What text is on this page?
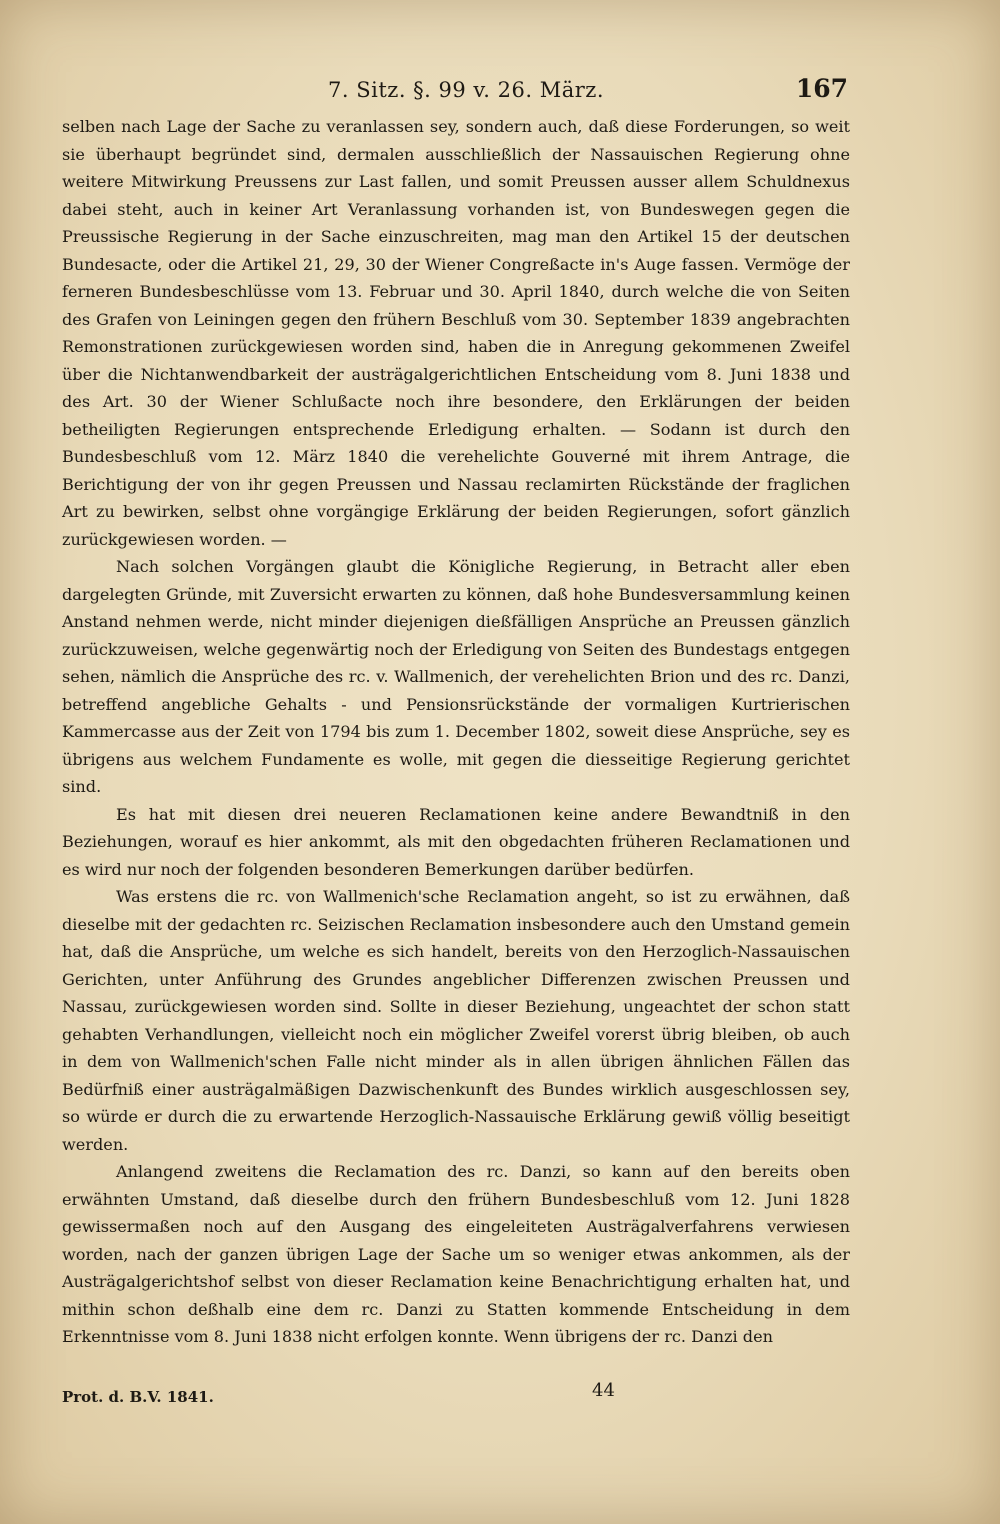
7. Sitz. §. 99 v. 26. März.	167

selben nach Lage der Sache zu veranlassen sey, sondern auch, daß diese Forderungen, so weit sie überhaupt begründet sind, dermalen ausschließlich der Nassauischen Regierung ohne weitere Mitwirkung Preussens zur Last fallen, und somit Preussen ausser allem Schuldnexus dabei steht, auch in keiner Art Veranlassung vorhanden ist, von Bundeswegen gegen die Preussische Regierung in der Sache einzuschreiten, mag man den Artikel 15 der deutschen Bundesacte, oder die Artikel 21, 29, 30 der Wiener Congreßacte in's Auge fassen. Vermöge der ferneren Bundesbeschlüsse vom 13. Februar und 30. April 1840, durch welche die von Seiten des Grafen von Leiningen gegen den frühern Beschluß vom 30. September 1839 angebrachten Remonstrationen zurückgewiesen worden sind, haben die in Anregung gekommenen Zweifel über die Nichtanwendbarkeit der austrägalgerichtlichen Entscheidung vom 8. Juni 1838 und des Art. 30 der Wiener Schlußacte noch ihre besondere, den Erklärungen der beiden betheiligten Regierungen entsprechende Erledigung erhalten. — Sodann ist durch den Bundesbeschluß vom 12. März 1840 die verehelichte Gouverné mit ihrem Antrage, die Berichtigung der von ihr gegen Preussen und Nassau reclamirten Rückstände der fraglichen Art zu bewirken, selbst ohne vorgängige Erklärung der beiden Regierungen, sofort gänzlich zurückgewiesen worden. —

Nach solchen Vorgängen glaubt die Königliche Regierung, in Betracht aller eben dargelegten Gründe, mit Zuversicht erwarten zu können, daß hohe Bundesversammlung keinen Anstand nehmen werde, nicht minder diejenigen dießfälligen Ansprüche an Preussen gänzlich zurückzuweisen, welche gegenwärtig noch der Erledigung von Seiten des Bundestags entgegen sehen, nämlich die Ansprüche des rc. v. Wallmenich, der verehelichten Brion und des rc. Danzi, betreffend angebliche Gehalts - und Pensionsrückstände der vormaligen Kurtrierischen Kammercasse aus der Zeit von 1794 bis zum 1. December 1802, soweit diese Ansprüche, sey es übrigens aus welchem Fundamente es wolle, mit gegen die diesseitige Regierung gerichtet sind.

Es hat mit diesen drei neueren Reclamationen keine andere Bewandtniß in den Beziehungen, worauf es hier ankommt, als mit den obgedachten früheren Reclamationen und es wird nur noch der folgenden besonderen Bemerkungen darüber bedürfen.

Was erstens die rc. von Wallmenich'sche Reclamation angeht, so ist zu erwähnen, daß dieselbe mit der gedachten rc. Seizischen Reclamation insbesondere auch den Umstand gemein hat, daß die Ansprüche, um welche es sich handelt, bereits von den Herzoglich-Nassauischen Gerichten, unter Anführung des Grundes angeblicher Differenzen zwischen Preussen und Nassau, zurückgewiesen worden sind. Sollte in dieser Beziehung, ungeachtet der schon statt gehabten Verhandlungen, vielleicht noch ein möglicher Zweifel vorerst übrig bleiben, ob auch in dem von Wallmenich'schen Falle nicht minder als in allen übrigen ähnlichen Fällen das Bedürfniß einer austrägalmäßigen Dazwischenkunft des Bundes wirklich ausgeschlossen sey, so würde er durch die zu erwartende Herzoglich-Nassauische Erklärung gewiß völlig beseitigt werden.

Anlangend zweitens die Reclamation des rc. Danzi, so kann auf den bereits oben erwähnten Umstand, daß dieselbe durch den frühern Bundesbeschluß vom 12. Juni 1828 gewissermaßen noch auf den Ausgang des eingeleiteten Austrägalverfahrens verwiesen worden, nach der ganzen übrigen Lage der Sache um so weniger etwas ankommen, als der Austrägalgerichtshof selbst von dieser Reclamation keine Benachrichtigung erhalten hat, und mithin schon deßhalb eine dem rc. Danzi zu Statten kommende Entscheidung in dem Erkenntnisse vom 8. Juni 1838 nicht erfolgen konnte. Wenn übrigens der rc. Danzi den

Prot. d. B.V. 1841.	44
